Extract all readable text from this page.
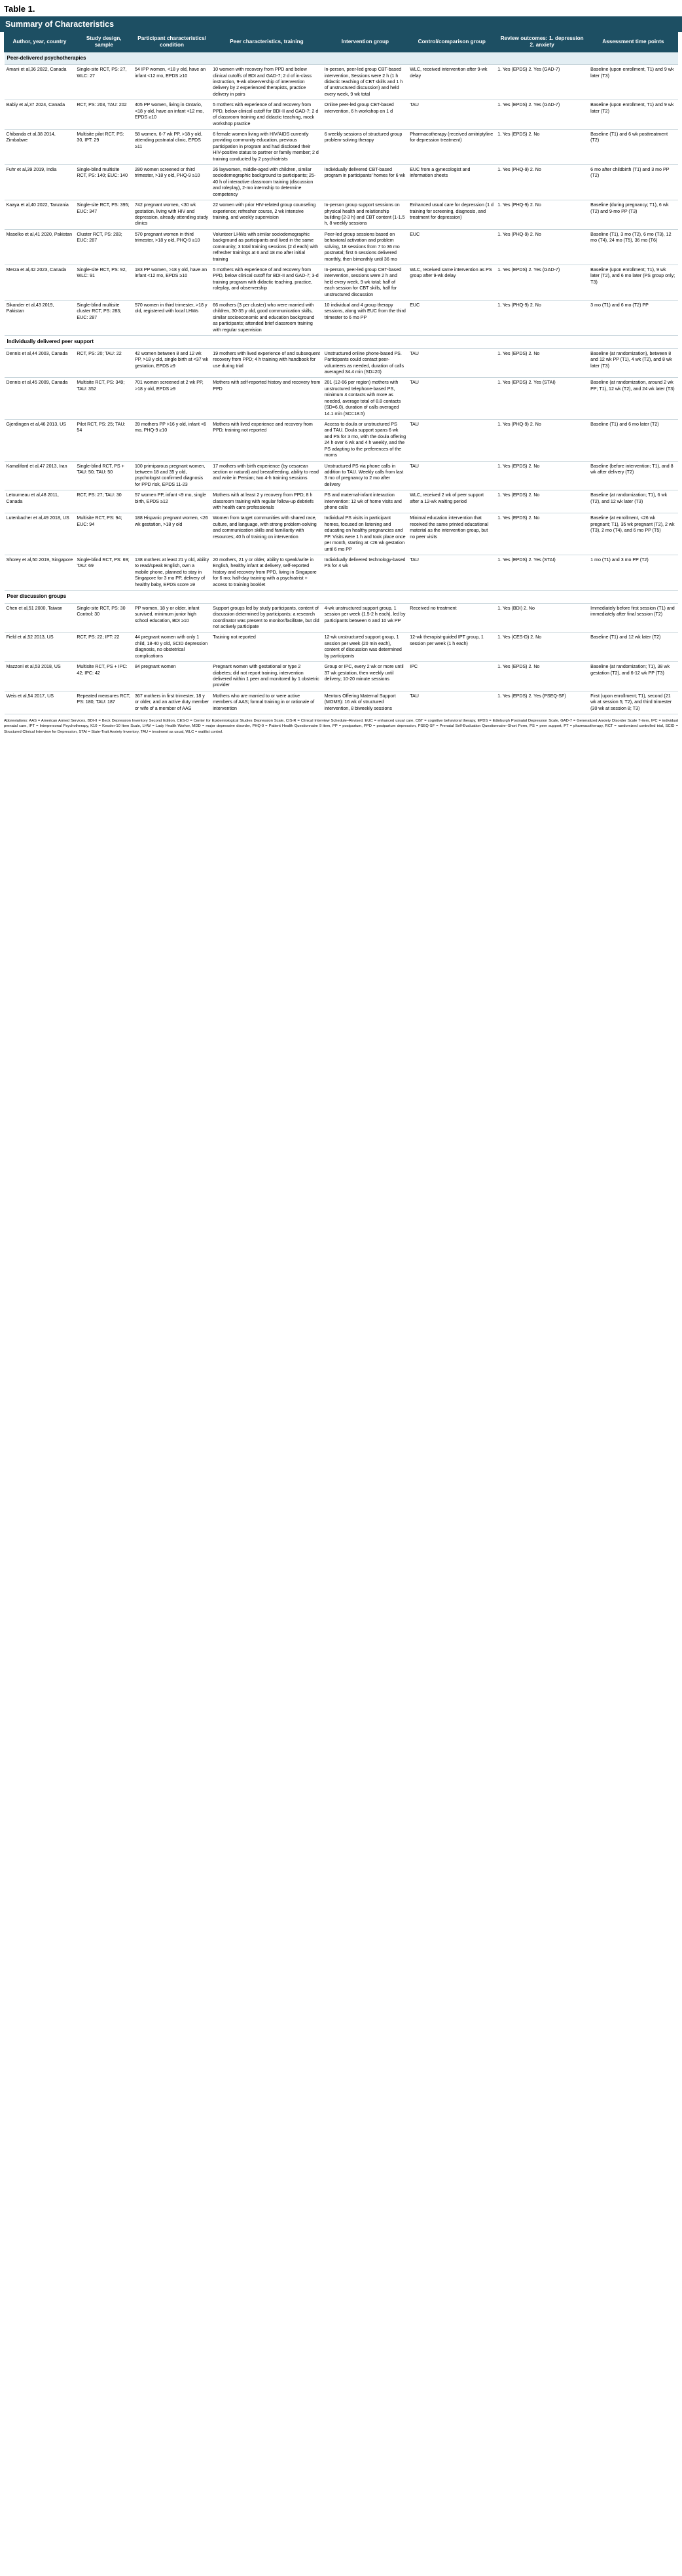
Table 1.
Summary of Characteristics
Author, year, country	Study design, sample	Participant characteristics/ condition	Peer characteristics, training	Intervention group	Control/comparison group	Review outcomes: 1. depression 2. anxiety	Assessment time points
Peer-delivered psychotherapies							
Amani et al,36 2022, Canada	Single-site RCT, PS: 27, WLC: 27	54 IPP women, <18 y old, have an infant <12 mo, EPDS ≥10	10 women with recovery from PPD and below clinical cutoffs of BDI and GAD-7; 2 d of in-class instruction, 9-wk observership of intervention delivery by 2 experienced therapists, practice delivery in pairs	In-person, peer-led group CBT-based intervention, Sessions were 2 h (1 h didactic teaching of CBT skills and 1 h of unstructured discussion) and held every week, 9 wk total	WLC, received intervention after 9-wk delay	1. Yes (EPDS) 2. Yes (GAD-7)	Baseline (upon enrollment, T1) and 9 wk later (T3)
Babiy et al,37 2024, Canada	RCT, PS: 203, TAU: 202	405 PP women, living in Ontario, <18 y old, have an infant <12 mo, EPDS ≥10	5 mothers with experience of and recovery from PPD, below clinical cutoff for BDI-II and GAD-7; 2 d of classroom training and didactic teaching, mock workshop practice	Online peer-led group CBT-based intervention, 6 h workshop on 1 d	TAU	1. Yes (EPDS) 2. Yes (GAD-7)	Baseline (upon enrollment, T1) and 9 wk later (T2)
Chibanda et al,38 2014, Zimbabwe	Multisite pilot RCT, PS: 30, IPT: 29	58 women, 6-7 wk PP, >18 y old, attending postnatal clinic, EPDS ≥11	6 female women living with HIV/AIDS currently providing community education, previous participation in program and had disclosed their HIV-positive status to partner or family member; 2 d training conducted by 2 psychiatrists	6 weekly sessions of structured group problem-solving therapy	Pharmacotherapy (received amitriptyline for depression treatment)	1. Yes (EPDS) 2. No	Baseline (T1) and 6 wk posttreatment (T2)
Fuhr et al,39 2019, India	Single-blind multisite RCT, PS: 140; EUC: 140	280 women screened or third trimester, >18 y old, PHQ-9 ≥10	26 laywomen, middle-aged with children, similar sociodemographic background to participants; 25-40 h of interactive classroom training (discussion and roleplay), 2-mo internship to determine competency	Individually delivered CBT-based program in participants' homes for 6 wk	EUC from a gynecologist and information sheets	1. Yes (PHQ-9) 2. No	6 mo after childbirth (T1) and 3 mo PP (T2)
Kaaya et al,40 2022, Tanzania	Single-site RCT, PS: 395; EUC: 347	742 pregnant women, <30 wk gestation, living with HIV and depression, already attending study clinics	22 women with prior HIV-related group counseling experience; refresher course, 2 wk intensive training, and weekly supervision	In-person group support sessions on physical health and relationship building (2-3 h) and CBT content (1-1.5 h, 8 weekly sessions	Enhanced usual care for depression (1 d training for screening, diagnosis, and treatment for depression)	1. Yes (PHQ-9) 2. No	Baseline (during pregnancy; T1), 6 wk (T2) and 9-mo PP (T3)
Maselko et al,41 2020, Pakistan	Cluster RCT, PS: 283; EUC: 287	570 pregnant women in third trimester, >18 y old, PHQ-9 ≥10	Volunteer LHWs with similar sociodemographic background as participants and lived in the same community; 3 total training sessions (2 d each) with refresher trainings at 6 and 18 mo after initial training	Peer-led group sessions based on behavioral activation and problem solving, 18 sessions from 7 to 36 mo postnatal; first 6 sessions delivered monthly, then bimonthly until 36 mo	EUC	1. Yes (PHQ-9) 2. No	Baseline (T1), 3 mo (T2), 6 mo (T3), 12 mo (T4), 24 mo (T5), 36 mo (T6)
Merza et al,42 2023, Canada	Single-site RCT, PS: 92, WLC: 91	183 PP women, >18 y old, have an infant <12 mo, EPDS ≥10	5 mothers with experience of and recovery from PPD, below clinical cutoff for BDI-II and GAD-7; 3-d training program with didactic teaching, practice, roleplay, and observership	In-person, peer-led group CBT-based intervention, sessions were 2 h and held every week, 9 wk total; half of each session for CBT skills, half for unstructured discussion	WLC, received same intervention as PS group after 9-wk delay	1. Yes (EPDS) 2. Yes (GAD-7)	Baseline (upon enrollment; T1), 9 wk later (T2), and 6 mo later (PS group only; T3)
Sikander et al,43 2019, Pakistan	Single-blind multisite cluster RCT, PS: 283; EUC: 287	570 women in third trimester, >18 y old, registered with local LHWs	66 mothers (3 per cluster) who were married with children, 30-35 y old, good communication skills, similar socioeconomic and education background as participants; attended brief classroom training with regular supervision	10 individual and 4 group therapy sessions, along with EUC from the third trimester to 6 mo PP	EUC	1. Yes (PHQ-9) 2. No	3 mo (T1) and 6 mo (T2) PP
Individually delivered peer support							
Dennis et al,44 2003, Canada	RCT, PS: 20; TAU: 22	42 women between 8 and 12 wk PP, >18 y old, single birth at <37 wk gestation, EPDS ≥9	19 mothers with lived experience of and subsequent recovery from PPD; 4 h training with handbook for use during trial	Unstructured online phone-based PS. Participants could contact peer-volunteers as needed, duration of calls averaged 34.4 min (SD=20)	TAU	1. Yes (EPDS) 2. No	Baseline (at randomization), between 8 and 12 wk PP (T1), 4 wk (T2), and 8 wk later (T3)
Dennis et al,45 2009, Canada	Multisite RCT, PS: 349; TAU: 352	701 women screened at 2 wk PP, >18 y old, EPDS ≥9	Mothers with self-reported history and recovery from PPD	201 (12-66 per region) mothers with unstructured telephone-based PS, minimum 4 contacts with more as needed, average total of 8.8 contacts (SD=6.0), duration of calls averaged 14.1 min (SD=18.5)	TAU	1. Yes (EPDS) 2. Yes (STAI)	Baseline (at randomization, around 2 wk PP; T1), 12 wk (T2), and 24 wk later (T3)
Gjerdingen et al,46 2013, US	Pilot RCT, PS: 25; TAU: 54	39 mothers PP >16 y old, infant <6 mo, PHQ-9 ≥10	Mothers with lived experience and recovery from PPD; training not reported	Access to doula or unstructured PS and TAU. Doula support spans 6 wk and PS for 3 mo, with the doula offering 24 h over 6 wk and 4 h weekly, and the PS adapting to the preferences of the moms	TAU	1. Yes (PHQ-9) 2. No	Baseline (T1) and 6 mo later (T2)
Kamalifard et al,47 2013, Iran	Single-blind RCT, PS + TAU: 50; TAU: 50	100 primiparous pregnant women, between 18 and 35 y old, psychologist confirmed diagnosis for PPD risk, EPDS 11-23	17 mothers with birth experience (by cesarean section or natural) and breastfeeding, ability to read and write in Persian; two 4-h training sessions	Unstructured PS via phone calls in addition to TAU. Weekly calls from last 3 mo of pregnancy to 2 mo after delivery	TAU	1. Yes (EPDS) 2. No	Baseline (before intervention; T1), and 8 wk after delivery (T2)
Letourneau et al,48 2011, Canada	RCT, PS: 27; TAU: 30	57 women PP, infant <9 mo, single birth, EPDS ≥12	Mothers with at least 2 y recovery from PPD; 8 h classroom training with regular follow-up debriefs with health care professionals	PS and maternal-infant interaction intervention: 12 wk of home visits and phone calls	WLC, received 2 wk of peer support after a 12-wk waiting period	1. Yes (EPDS) 2. No	Baseline (at randomization; T1), 6 wk (T2), and 12 wk later (T3)
Lutenbacher et al,49 2018, US	Multisite RCT, PS: 94; EUC: 94	188 Hispanic pregnant women, <26 wk gestation, >18 y old	Women from target communities with shared race, culture, and language, with strong problem-solving and communication skills and familiarity with resources; 40 h of training on intervention	Individual PS visits in participant homes, focused on listening and educating on healthy pregnancies and PP. Visits were 1 h and took place once per month, starting at <26 wk gestation until 6 mo PP	Minimal education intervention that received the same printed educational material as the intervention group, but no peer visits	1. Yes (EPDS) 2. No	Baseline (at enrollment, <26 wk pregnant; T1), 35 wk pregnant (T2), 2 wk (T3), 2 mo (T4), and 6 mo PP (T5)
Shorey et al,50 2019, Singapore	Single-blind RCT, PS: 69; TAU: 69	138 mothers at least 21 y old, ability to read/speak English, own a mobile phone, planned to stay in Singapore for 3 mo PP, delivery of healthy baby, EPDS score ≥9	20 mothers, 21 y or older, ability to speak/write in English, healthy infant at delivery, self-reported history and recovery from PPD, living in Singapore for 6 mo; half-day training with a psychiatrist + access to training booklet	Individually delivered technology-based PS for 4 wk	TAU	1. Yes (EPDS) 2. Yes (STAI)	1 mo (T1) and 3 mo PP (T2)
Peer discussion groups							
Chen et al,51 2000, Taiwan	Single-site RCT, PS: 30 Control: 30	PP women, 18 y or older, infant survived, minimum junior high school education, BDI ≥10	Support groups led by study participants, content of discussion determined by participants; a research coordinator was present to monitor/facilitate, but did not actively participate	4-wk unstructured support group, 1 session per week (1.5-2 h each), led by participants between 6 and 10 wk PP	Received no treatment	1. Yes (BDI) 2. No	Immediately before first session (T1) and immediately after final session (T2)
Field et al,52 2013, US	RCT, PS: 22; IPT: 22	44 pregnant women with only 1 child, 18-40 y old, SCID depression diagnosis, no obstetrical complications	Training not reported	12-wk unstructured support group, 1 session per week (20 min each), content of discussion was determined by participants	12-wk therapist-guided IPT group, 1 session per week (1 h each)	1. Yes (CES-D) 2. No	Baseline (T1) and 12 wk later (T2)
Mazzoni et al,53 2018, US	Multisite RCT, PS + IPC: 42; IPC: 42	84 pregnant women	Pregnant women with gestational or type 2 diabetes; did not report training, intervention delivered within 1 peer and monitored by 1 obstetric provider	Group or IPC, every 2 wk or more until 37 wk gestation, then weekly until delivery; 10-20 minute sessions	IPC	1. Yes (EPDS) 2. No	Baseline (at randomization; T1), 38 wk gestation (T2), and 6-12 wk PP (T3)
Weis et al,54 2017, US	Repeated measures RCT, PS: 180; TAU: 187	367 mothers in first trimester, 18 y or older, and an active duty member or wife of a member of AAS	Mothers who are married to or were active members of AAS; formal training in or rationale of intervention	Mentors Offering Maternal Support (MOMS): 16 wk of structured intervention, 8 biweekly sessions	TAU	1. Yes (EPDS) 2. Yes (PSEQ-SF)	First (upon enrollment; T1), second (21 wk at session 5; T2), and third trimester (30 wk at session 8; T3)
Abbreviations: AAS = American Armed Services, BDI-II = Beck Depression Inventory Second Edition, CES-D = Center for Epidemiological Studies Depression Scale, CIS-R = Clinical Interview Schedule–Revised, EUC = enhanced usual care, CBT = cognitive behavioral therapy, EPDS = Edinburgh Postnatal Depression Scale, GAD-7 = Generalized Anxiety Disorder Scale 7-item, IPC = individual prenatal care, IPT = Interpersonal Psychotherapy, K10 = Kessler-10 Item Scale, LHW = Lady Health Worker, MDD = major depressive disorder, PHQ-9 = Patient Health Questionnaire 9 item, PP = postpartum, PPD = postpartum depression, PSEQ-SF = Prenatal Self-Evaluation Questionnaire–Short Form, PS = peer support, PT = pharmacotherapy, RCT = randomized controlled trial, SCID = Structured Clinical Interview for Depression, STAI = State-Trait Anxiety Inventory, TAU = treatment as usual, WLC = waitlist control.
